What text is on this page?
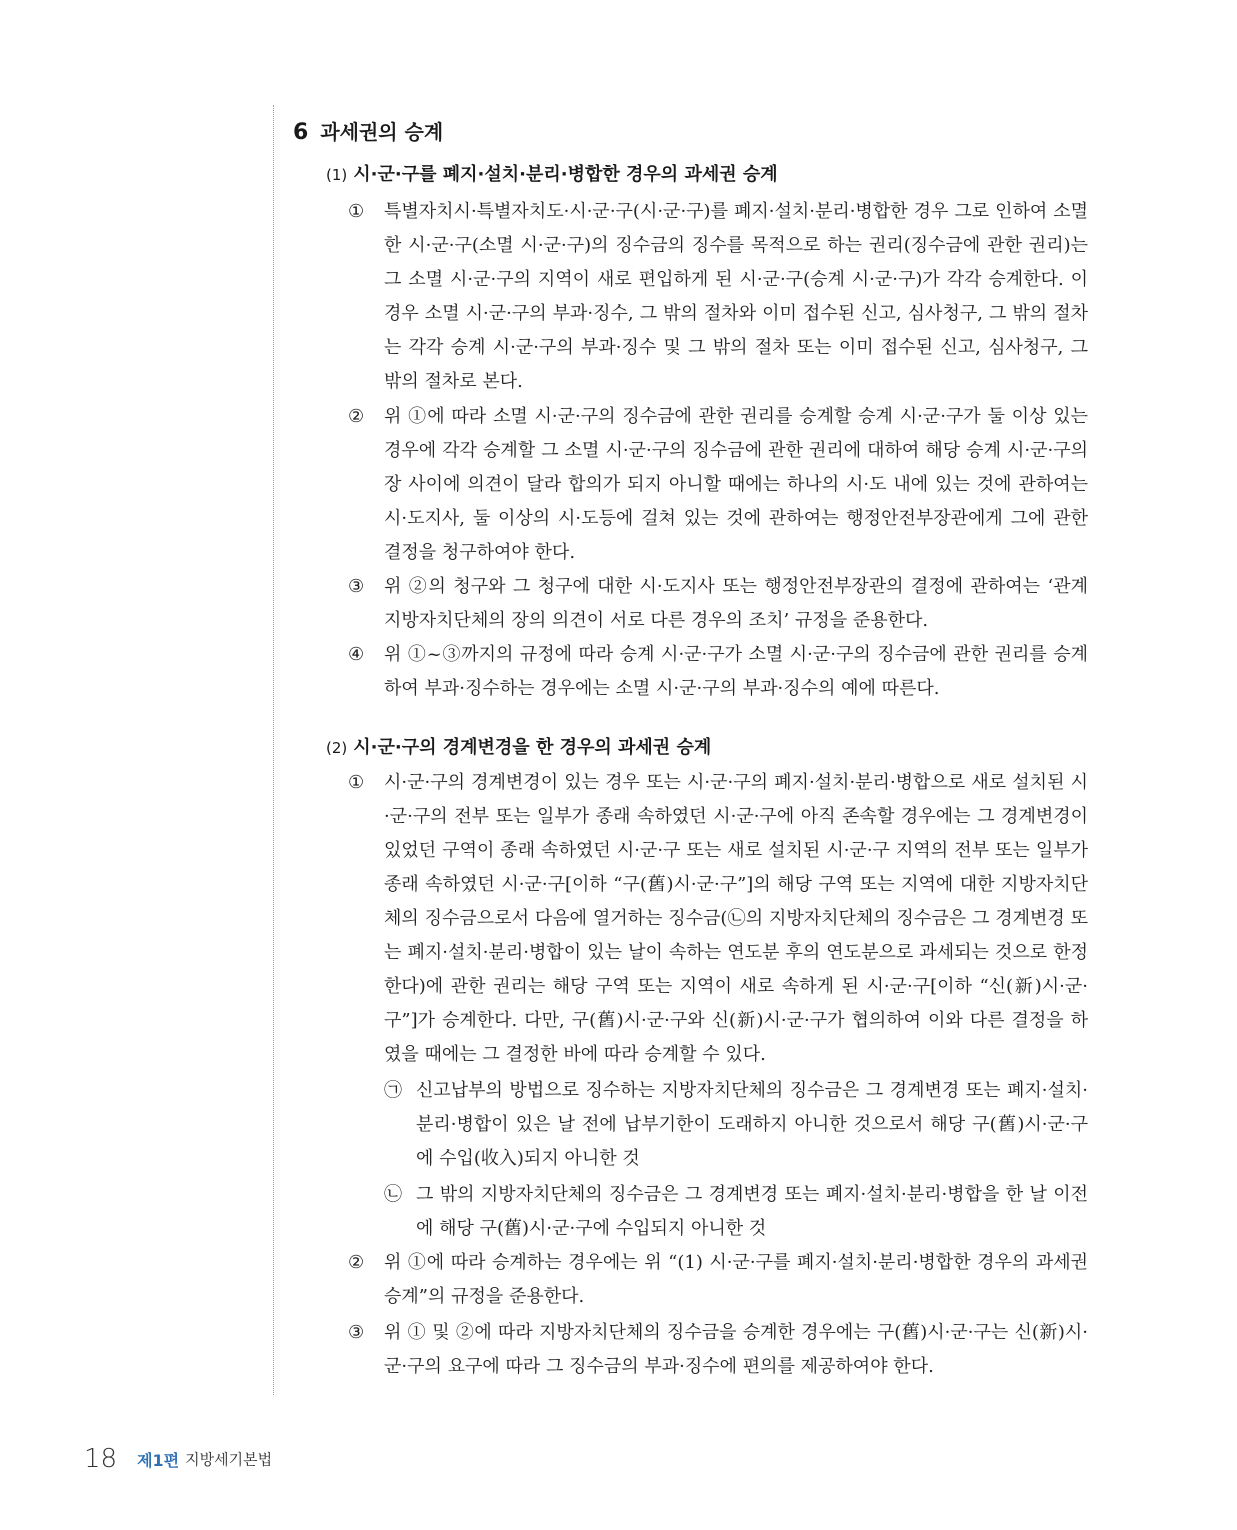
6 과세권의 승계
(1) 시·군·구를 폐지·설치·분리·병합한 경우의 과세권 승계
①	특별자치시·특별자치도·시·군·구(시·군·구)를 폐지·설치·분리·병합한 경우 그로 인하여 소멸한 시·군·구(소멸 시·군·구)의 징수금의 징수를 목적으로 하는 권리(징수금에 관한 권리)는 그 소멸 시·군·구의 지역이 새로 편입하게 된 시·군·구(승계 시·군·구)가 각각 승계한다. 이 경우 소멸 시·군·구의 부과·징수, 그 밖의 절차와 이미 접수된 신고, 심사청구, 그 밖의 절차는 각각 승계 시·군·구의 부과·징수 및 그 밖의 절차 또는 이미 접수된 신고, 심사청구, 그 밖의 절차로 본다.
②	위 ①에 따라 소멸 시·군·구의 징수금에 관한 권리를 승계할 승계 시·군·구가 둘 이상 있는 경우에 각각 승계할 그 소멸 시·군·구의 징수금에 관한 권리에 대하여 해당 승계 시·군·구의 장 사이에 의견이 달라 합의가 되지 아니할 때에는 하나의 시·도 내에 있는 것에 관하여는 시·도지사, 둘 이상의 시·도등에 걸쳐 있는 것에 관하여는 행정안전부장관에게 그에 관한 결정을 청구하여야 한다.
③	위 ②의 청구와 그 청구에 대한 시·도지사 또는 행정안전부장관의 결정에 관하여는 ‘관계 지방자치단체의 장의 의견이 서로 다른 경우의 조치’ 규정을 준용한다.
④	위 ①~③까지의 규정에 따라 승계 시·군·구가 소멸 시·군·구의 징수금에 관한 권리를 승계하여 부과·징수하는 경우에는 소멸 시·군·구의 부과·징수의 예에 따른다.
(2) 시·군·구의 경계변경을 한 경우의 과세권 승계
①	시·군·구의 경계변경이 있는 경우 또는 시·군·구의 폐지·설치·분리·병합으로 새로 설치된 시·군·구의 전부 또는 일부가 종래 속하였던 시·군·구에 아직 존속할 경우에는 그 경계변경이 있었던 구역이 종래 속하였던 시·군·구 또는 새로 설치된 시·군·구 지역의 전부 또는 일부가 종래 속하였던 시·군·구[이하 “구(舊)시·군·구”]의 해당 구역 또는 지역에 대한 지방자치단체의 징수금으로서 다음에 열거하는 징수금(㉡의 지방자치단체의 징수금은 그 경계변경 또는 폐지·설치·분리·병합이 있는 날이 속하는 연도분 후의 연도분으로 과세되는 것으로 한정한다)에 관한 권리는 해당 구역 또는 지역이 새로 속하게 된 시·군·구[이하 “신(新)시·군·구”]가 승계한다. 다만, 구(舊)시·군·구와 신(新)시·군·구가 협의하여 이와 다른 결정을 하였을 때에는 그 결정한 바에 따라 승계할 수 있다.
㉠ 신고납부의 방법으로 징수하는 지방자치단체의 징수금은 그 경계변경 또는 폐지·설치·분리·병합이 있은 날 전에 납부기한이 도래하지 아니한 것으로서 해당 구(舊)시·군·구에 수입(收入)되지 아니한 것
㉡ 그 밖의 지방자치단체의 징수금은 그 경계변경 또는 폐지·설치·분리·병합을 한 날 이전에 해당 구(舊)시·군·구에 수입되지 아니한 것
②	위 ①에 따라 승계하는 경우에는 위 “(1) 시·군·구를 폐지·설치·분리·병합한 경우의 과세권 승계”의 규정을 준용한다.
③	위 ① 및 ②에 따라 지방자치단체의 징수금을 승계한 경우에는 구(舊)시·군·구는 신(新)시·군·구의 요구에 따라 그 징수금의 부과·징수에 편의를 제공하여야 한다.
18 제1편 지방세기본법
